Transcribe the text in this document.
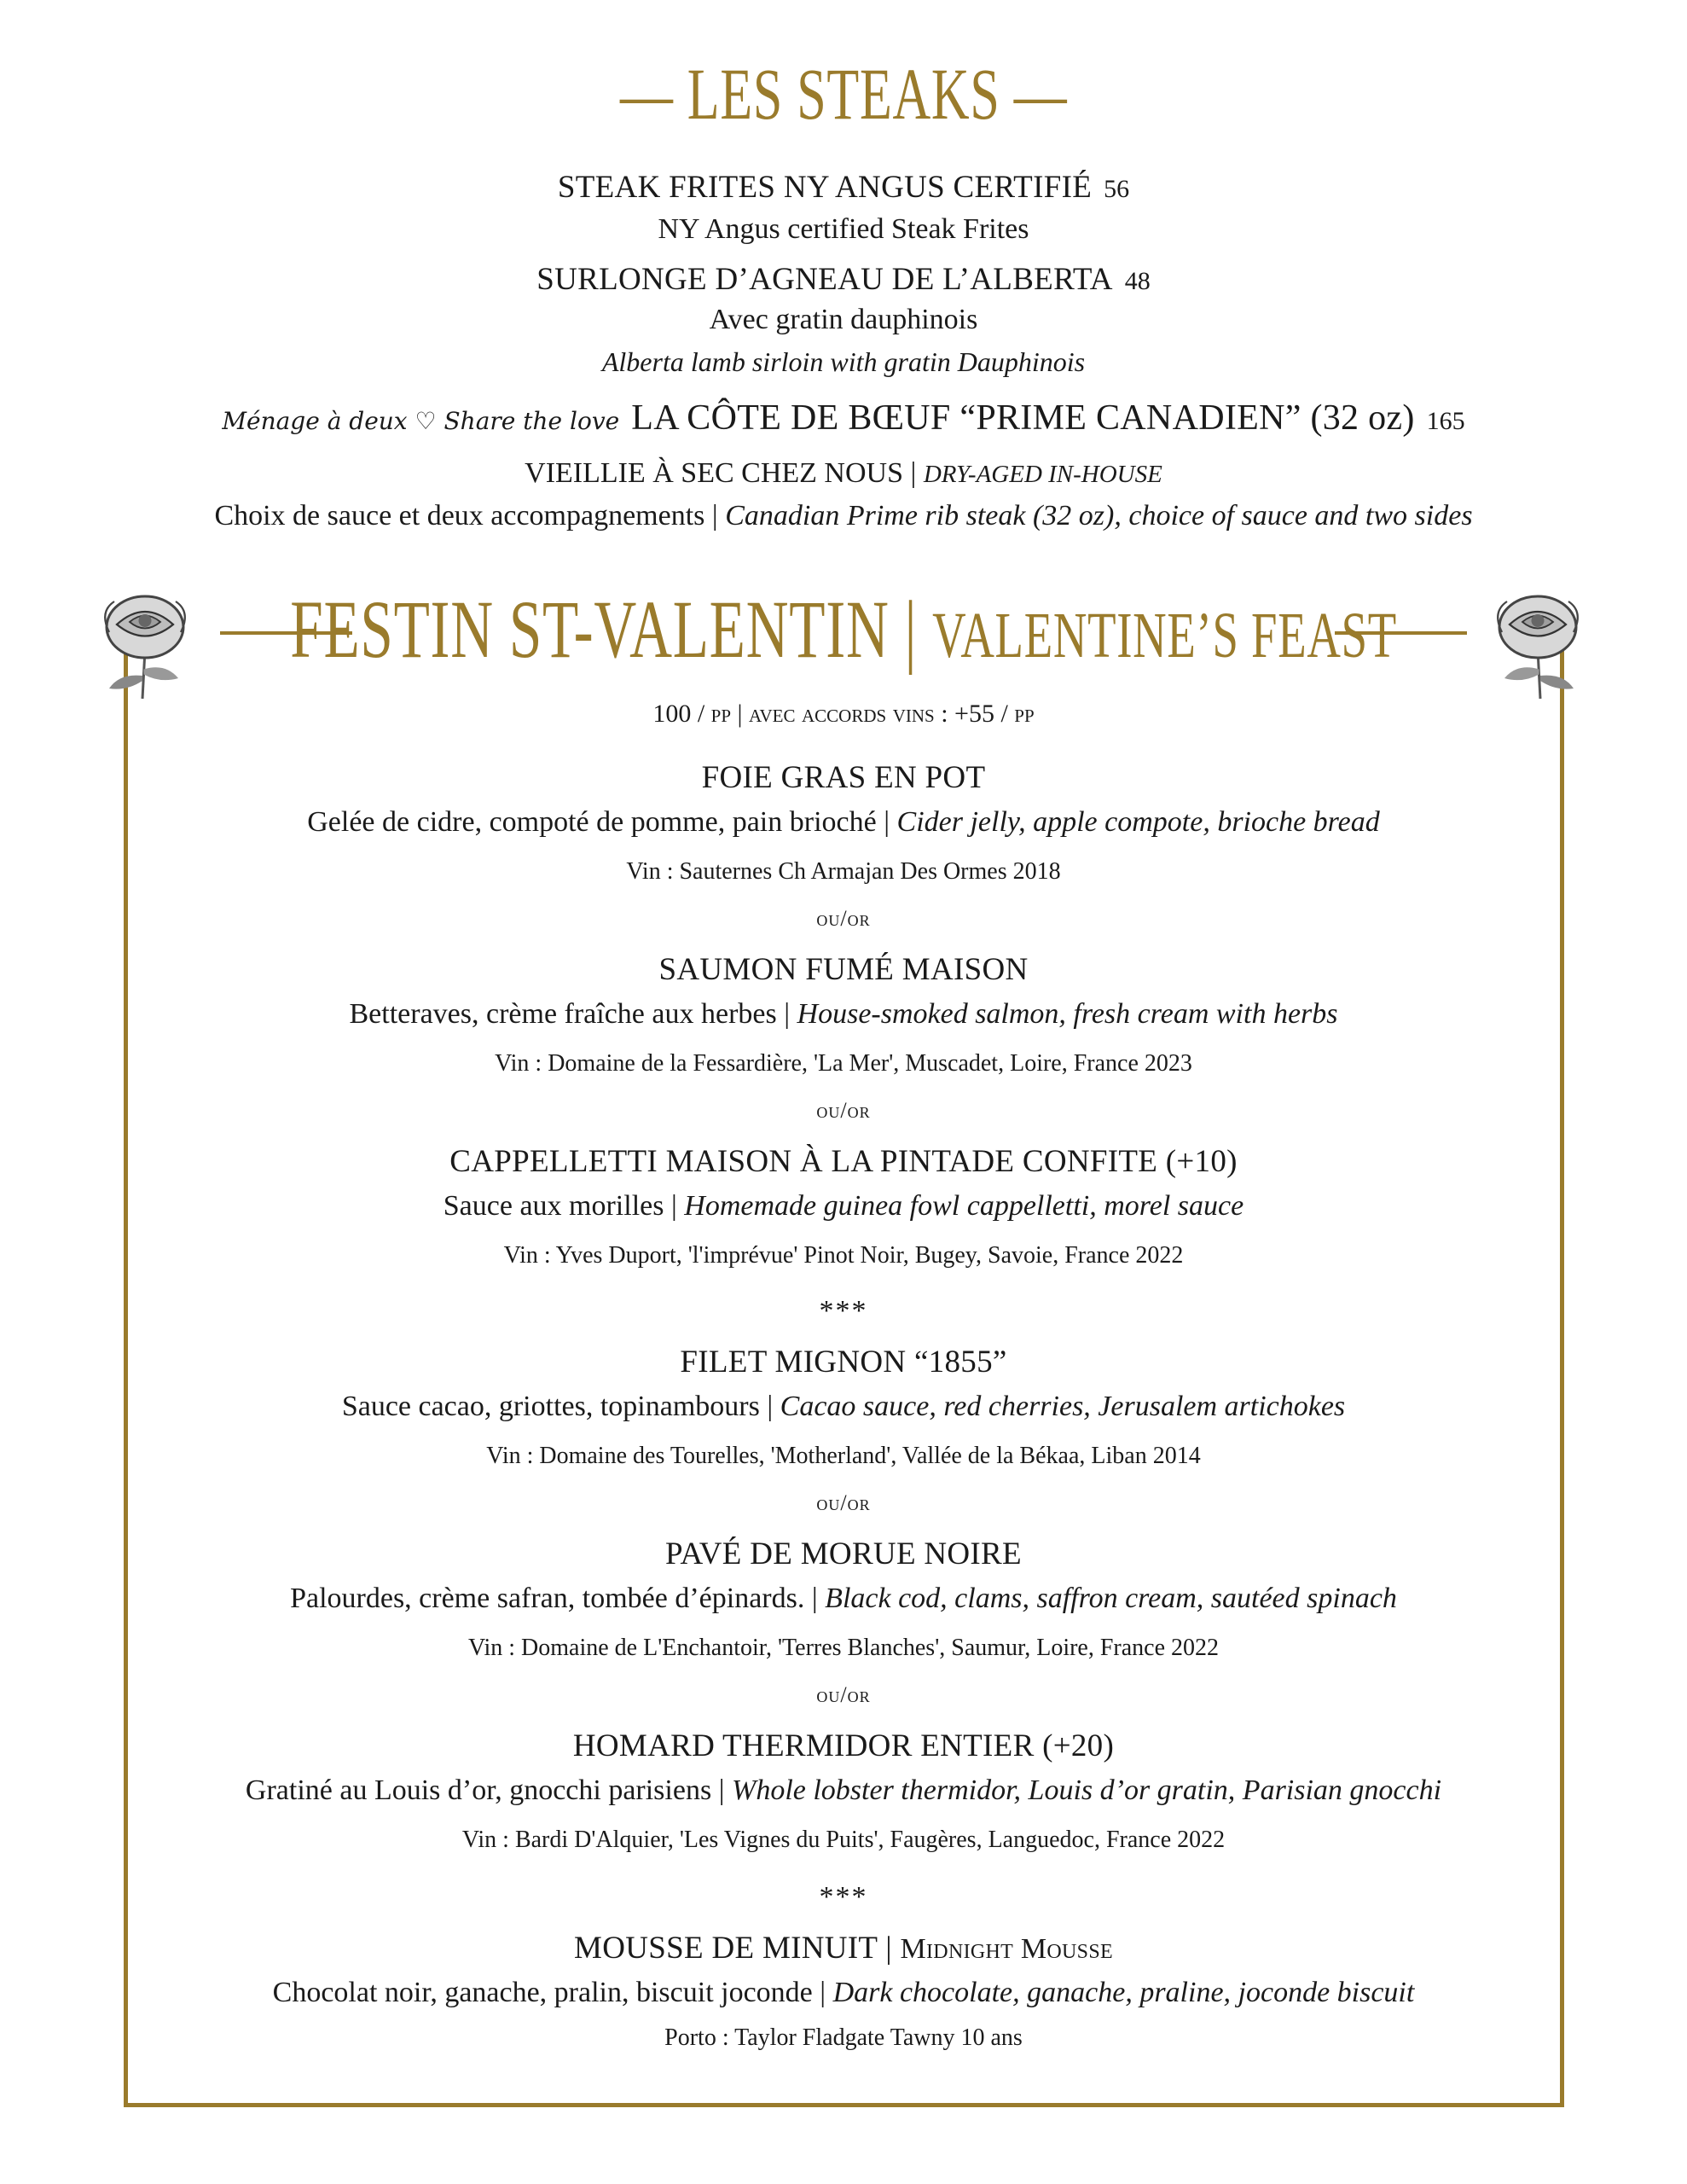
— LES STEAKS —
STEAK FRITES NY ANGUS CERTIFIÉ 56
NY Angus certified Steak Frites
SURLONGE D’AGNEAU DE L’ALBERTA 48
Avec gratin dauphinois
Alberta lamb sirloin with gratin Dauphinois
Ménage à deux ♡ Share the love LA CÔTE DE BŒUF “PRIME CANADIEN” (32 oz) 165
VIEILLIE À SEC CHEZ NOUS | DRY-AGED IN-HOUSE
Choix de sauce et deux accompagnements | Canadian Prime rib steak (32 oz), choice of sauce and two sides
FESTIN ST-VALENTIN | VALENTINE’S FEAST
100 / pp | avec accords vins : +55 / pp
FOIE GRAS EN POT
Gelée de cidre, compoté de pomme, pain brioché | Cider jelly, apple compote, brioche bread
Vin : Sauternes Ch Armajan Des Ormes 2018
ou/or
SAUMON FUMÉ MAISON
Betteraves, crème fraîche aux herbes | House-smoked salmon, fresh cream with herbs
Vin : Domaine de la Fessardière, 'La Mer', Muscadet, Loire, France 2023
ou/or
CAPPELLETTI MAISON À LA PINTADE CONFITE (+10)
Sauce aux morilles | Homemade guinea fowl cappelletti, morel sauce
Vin : Yves Duport, 'l'imprévue' Pinot Noir, Bugey, Savoie, France 2022
***
FILET MIGNON “1855”
Sauce cacao, griottes, topinambours | Cacao sauce, red cherries, Jerusalem artichokes
Vin : Domaine des Tourelles, 'Motherland', Vallée de la Békaa, Liban 2014
ou/or
PAVÉ DE MORUE NOIRE
Palourdes, crème safran, tombée d’épinards. | Black cod, clams, saffron cream, sautéed spinach
Vin : Domaine de L'Enchantoir, 'Terres Blanches', Saumur, Loire, France 2022
ou/or
HOMARD THERMIDOR ENTIER (+20)
Gratiné au Louis d’or, gnocchi parisiens | Whole lobster thermidor, Louis d’or gratin, Parisian gnocchi
Vin : Bardi D'Alquier, 'Les Vignes du Puits', Faugères, Languedoc, France 2022
***
MOUSSE DE MINUIT | Midnight Mousse
Chocolat noir, ganache, pralin, biscuit joconde | Dark chocolate, ganache, praline, joconde biscuit
Porto : Taylor Fladgate Tawny 10 ans
